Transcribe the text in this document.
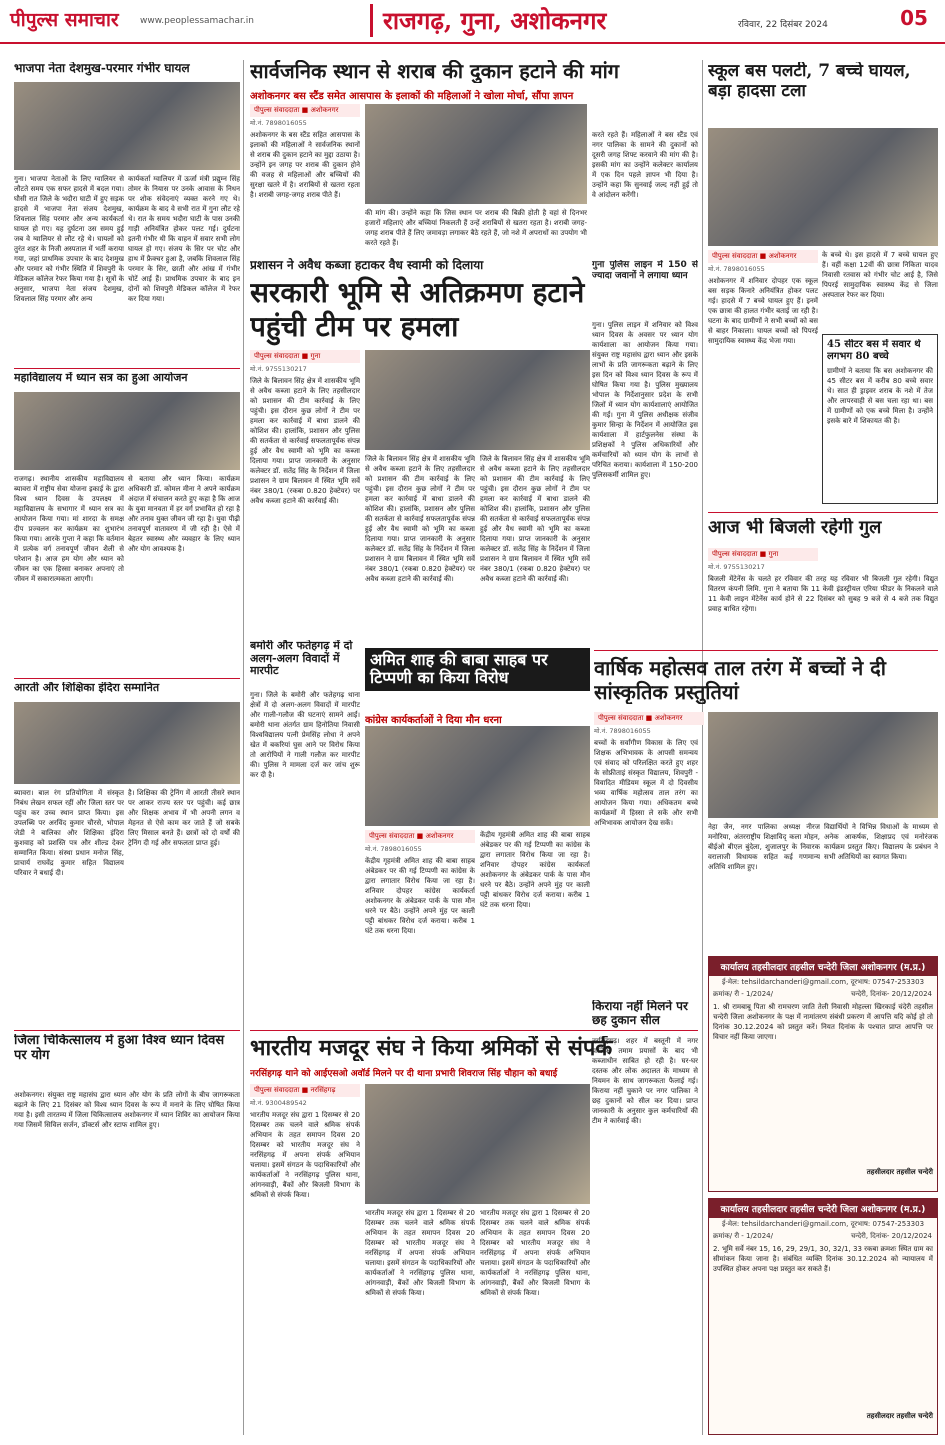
पीपुल्स समाचार www.peoplessamachar.in	राजगढ़, गुना, अशोकनगर	रविवार, 22 दिसंबर 2024	05
भाजपा नेता देशमुख-परमार गंभीर घायल
गुना। भाजपा नेताओं के लिए ग्वालियर से लौटते समय एक सफर हादसे में बदल गया। घौसी रात जिले के भदौरा घाटी में हुए सड़क हादसे में भाजपा नेता संजय देशमुख, शिवलाल सिंह परमार और अन्य कार्यकर्ता घायल हो गए। यह दुर्घटना उस समय हुई जब वे ग्वालियर से लौट रहे थे। घायलों को तुरंत शहर के निजी अस्पताल में भर्ती कराया गया, जहां प्राथमिक उपचार के बाद देशमुख और परमार को गंभीर स्थिति में शिवपुरी के मेडिकल कॉलेज रेफर किया गया है। सूत्रों के अनुसार, भाजपा नेता संजय देशमुख, शिवलाल सिंह परमार और अन्य
कार्यकर्ता ग्वालियर में ऊर्जा मंत्री प्रद्युम्न सिंह तोमर के नियास पर उनके आवास के निधन पर शोक संवेदनाएं व्यक्त करने गए थे। कार्यक्रम के बाद वे सभी रात में गुना लौट रहे थे। रात के समय भदौरा घाटी के पास उनकी गाड़ी अनियंत्रित होकर पलट गई। दुर्घटना इतनी गंभीर थी कि वाहन में सवार सभी लोग घायल हो गए। संजय के सिर पर चोट और हाथ में फ्रैक्चर हुआ है, जबकि शिवलाल सिंह परमार के सिर, छाती और आंख में गंभीर चोटें आई हैं। प्राथमिक उपचार के बाद इन दोनों को शिवपुरी मेडिकल कॉलेज में रेफर कर दिया गया।
महाविद्यालय में ध्यान सत्र का हुआ आयोजन
राजगढ़। स्थानीय शासकीय महाविद्यालय ब्यावरा में राष्ट्रीय सेवा योजना इकाई के द्वारा विश्व ध्यान दिवस के उपलक्ष्य में महाविद्यालय के सभागार में ध्यान सत्र का आयोजन किया गया। मां शारदा के समक्ष दीप प्रज्वलन कर कार्यक्रम का शुभारंभ किया गया। आरके गुप्ता ने कहा कि वर्तमान में प्रत्येक वर्ग तनावपूर्ण जीवन शैली से परेशान है। आज हम योग और ध्यान को जीवन का एक हिस्सा बनाकर अपनाएं तो जीवन में सकारात्मकता आएगी।
से बताया और ध्यान किया। कार्यक्रम अधिकारी डॉ. कोमल मीना ने अपने कार्यक्रम अंदाज में संचालन करते हुए कहा है कि आज के युवा मानवता में हर वर्ग प्रभावित हो रहा है और तनाव युक्त जीवन जी रहा है। युवा पीढ़ी तनावपूर्ण वातावरण में जी रही है। ऐसे में बेहतर स्वास्थ्य और व्यवहार के लिए ध्यान और योग आवश्यक है।
आरती और शिक्षिका इंदिरा सम्मानित
ब्यावरा। बाल रंग प्रतियोगिता में संस्कृत निबंध लेखन सफल रहीं और जिला स्तर पर पहुंच कर उच्च स्थान प्राप्त किया। इस उपलब्धि पर अरविंद कुमार चौरसे, भोपाल जेडी ने बालिका और शिक्षिका इंदिरा कुशवाह को प्रशस्ति पत्र और शील्ड देकर सम्मानित किया। संस्था प्रधान मनोज सिंह, प्राचार्य राघवेंद्र कुमार सहित विद्यालय परिवार ने बधाई दी।
है। शिक्षिका की ट्रेनिंग में आरती तीसरे स्थान पर आकर राज्य स्तर पर पहुंची। कई छात्र और शिक्षक अभाव में भी अपनी लगन व मेहनत से ऐसे काम कर जाते हैं जो सबके लिए मिसाल बनते हैं। छात्रों को दो वर्षों की ट्रेनिंग दी गई और सफलता प्राप्त हुई।
जिला चिकित्सालय में हुआ विश्व ध्यान दिवस पर योग
अशोकनगर। संयुक्त राष्ट्र महासंघ द्वारा ध्यान और योग के प्रति लोगों के बीच जागरूकता बढ़ाने के लिए 21 दिसंबर को विश्व ध्यान दिवस के रूप में मनाने के लिए घोषित किया गया है। इसी तारतम्य में जिला चिकित्सालय अशोकनगर में ध्यान शिविर का आयोजन किया गया जिसमें सिविल सर्जन, डॉक्टर्स और स्टाफ शामिल हुए।
सार्वजनिक स्थान से शराब की दुकान हटाने की मांग
अशोकनगर बस स्टैंड समेत आसपास के इलाकों की महिलाओं ने खोला मोर्चा, सौंपा ज्ञापन
पीपुल्स संवाददाता ■ अशोकनगर
मो.नं. 7898016055
अशोकनगर के बस स्टैंड सहित आसपास के इलाकों की महिलाओं ने सार्वजनिक स्थानों से शराब की दुकान हटाने का मुद्दा उठाया है। उन्होंने इन जगह पर शराब की दुकान होने की वजह से महिलाओं और बच्चियों की सुरक्षा खतरे में है। शराबियों से खतरा रहता है। शराबी जगह-जगह शराब पीते हैं।
की मांग की। उन्होंने कहा कि जिस स्थान पर शराब की बिक्री होती है वहां से दिनभर हजारों महिलाएं और बच्चियां निकलती हैं उन्हें शराबियों से खतरा रहता है। शराबी जगह-जगह शराब पीते हैं लिए जमावड़ा लगाकर बैठे रहते हैं, जो नशे में अपराधों का उपयोग भी करते रहते हैं।
करते रहते हैं। महिलाओं ने बस स्टैंड एवं नगर पालिका के सामने की दुकानों को दूसरी जगह शिफ्ट करवाने की मांग की है। इसकी मांग का उन्होंने कलेक्टर कार्यालय में एक दिन पहले ज्ञापन भी दिया है। उन्होंने कहा कि सुनवाई जल्द नहीं हुई तो वे आंदोलन करेंगी।
प्रशासन ने अवैध कब्जा हटाकर वैध स्वामी को दिलाया
सरकारी भूमि से अतिक्रमण हटाने पहुंची टीम पर हमला
पीपुल्स संवाददाता ■ गुना
मो.नं. 9755130217
जिले के बिलावन सिंह क्षेत्र में शासकीय भूमि से अवैध कब्जा हटाने के लिए तहसीलदार को प्रशासन की टीम कार्रवाई के लिए पहुंची। इस दौरान कुछ लोगों ने टीम पर हमला कर कार्रवाई में बाधा डालने की कोशिश की। हालांकि, प्रशासन और पुलिस की सतर्कता से कार्रवाई सफलतापूर्वक संपन्न हुई और वैध स्वामी को भूमि का कब्जा दिलाया गया। प्राप्त जानकारी के अनुसार कलेक्टर डॉ. सतेंद्र सिंह के निर्देशन में जिला प्रशासन ने ग्राम बिलावन में स्थित भूमि सर्वे नंबर 380/1 (रकबा 0.820 हेक्टेयर) पर अवैध कब्जा हटाने की कार्रवाई की।
जिले के बिलावन सिंह क्षेत्र में शासकीय भूमि से अवैध कब्जा हटाने के लिए तहसीलदार को प्रशासन की टीम कार्रवाई के लिए पहुंची। इस दौरान कुछ लोगों ने टीम पर हमला कर कार्रवाई में बाधा डालने की कोशिश की। हालांकि, प्रशासन और पुलिस की सतर्कता से कार्रवाई सफलतापूर्वक संपन्न हुई और वैध स्वामी को भूमि का कब्जा दिलाया गया। प्राप्त जानकारी के अनुसार कलेक्टर डॉ. सतेंद्र सिंह के निर्देशन में जिला प्रशासन ने ग्राम बिलावन में स्थित भूमि सर्वे नंबर 380/1 (रकबा 0.820 हेक्टेयर) पर अवैध कब्जा हटाने की कार्रवाई की।
जिले के बिलावन सिंह क्षेत्र में शासकीय भूमि से अवैध कब्जा हटाने के लिए तहसीलदार को प्रशासन की टीम कार्रवाई के लिए पहुंची। इस दौरान कुछ लोगों ने टीम पर हमला कर कार्रवाई में बाधा डालने की कोशिश की। हालांकि, प्रशासन और पुलिस की सतर्कता से कार्रवाई सफलतापूर्वक संपन्न हुई और वैध स्वामी को भूमि का कब्जा दिलाया गया। प्राप्त जानकारी के अनुसार कलेक्टर डॉ. सतेंद्र सिंह के निर्देशन में जिला प्रशासन ने ग्राम बिलावन में स्थित भूमि सर्वे नंबर 380/1 (रकबा 0.820 हेक्टेयर) पर अवैध कब्जा हटाने की कार्रवाई की।
बमोरी और फतेहगढ़ में दो अलग-अलग विवादों में मारपीट
गुना। जिले के बमोरी और फतेहगढ़ थाना क्षेत्रों में दो अलग-अलग विवादों में मारपीट और गाली-गलौज की घटनाएं सामने आईं। बमोरी थाना अंतर्गत ग्राम हिनोतिया निवासी विश्वविद्यालय पत्नी प्रेमसिंह लोधा ने अपने खेत में बकरियां घुस आने पर विरोध किया तो आरोपियों ने गाली गलौज कर मारपीट की। पुलिस ने मामला दर्ज कर जांच शुरू कर दी है।
अमित शाह की बाबा साहब पर टिप्पणी का किया विरोध
कांग्रेस कार्यकर्ताओं ने दिया मौन धरना
पीपुल्स संवाददाता ■ अशोकनगर
मो.नं. 7898016055
केंद्रीय गृहमंत्री अमित शाह की बाबा साहब अंबेडकर पर की गई टिप्पणी का कांग्रेस के द्वारा लगातार विरोध किया जा रहा है। शनिवार दोपहर कांग्रेस कार्यकर्ता अशोकनगर के अंबेडकर पार्क के पास मौन धरने पर बैठे। उन्होंने अपने मुंह पर काली पट्टी बांधकर विरोध दर्ज कराया। करीब 1 घंटे तक धरना दिया।
केंद्रीय गृहमंत्री अमित शाह की बाबा साहब अंबेडकर पर की गई टिप्पणी का कांग्रेस के द्वारा लगातार विरोध किया जा रहा है। शनिवार दोपहर कांग्रेस कार्यकर्ता अशोकनगर के अंबेडकर पार्क के पास मौन धरने पर बैठे। उन्होंने अपने मुंह पर काली पट्टी बांधकर विरोध दर्ज कराया। करीब 1 घंटे तक धरना दिया।
गुना पुलिस लाइन में 150 से ज्यादा जवानों ने लगाया ध्यान
गुना। पुलिस लाइन में शनिवार को विश्व ध्यान दिवस के अवसर पर ध्यान योग कार्यशाला का आयोजन किया गया। संयुक्त राष्ट्र महासंघ द्वारा ध्यान और इसके लाभों के प्रति जागरूकता बढ़ाने के लिए इस दिन को विश्व ध्यान दिवस के रूप में घोषित किया गया है। पुलिस मुख्यालय भोपाल के निर्देशानुसार प्रदेश के सभी जिलों में ध्यान योग कार्यशालाएं आयोजित की गईं। गुना में पुलिस अधीक्षक संजीव कुमार सिन्हा के निर्देशन में आयोजित इस कार्यशाला में हार्टफुलनेस संस्था के प्रशिक्षकों ने पुलिस अधिकारियों और कर्मचारियों को ध्यान योग के लाभों से परिचित कराया। कार्यशाला में 150-200 पुलिसकर्मी शामिल हुए।
भारतीय मजदूर संघ ने किया श्रमिकों से संपर्क
नरसिंहगढ़ थाने को आईएसओ अवॉर्ड मिलने पर दी थाना प्रभारी शिवराज सिंह चौहान को बधाई
पीपुल्स संवाददाता ■ नरसिंहगढ़
मो.नं. 9300489542
भारतीय मजदूर संघ द्वारा 1 दिसम्बर से 20 दिसम्बर तक चलने वाले श्रमिक संपर्क अभियान के तहत समापन दिवस 20 दिसम्बर को भारतीय मजदूर संघ ने नरसिंहगढ़ में अपना संपर्क अभियान चलाया। इसमें संगठन के पदाधिकारियों और कार्यकर्ताओं ने नरसिंहगढ़ पुलिस थाना, आंगनवाड़ी, बैंकों और बिजली विभाग के श्रमिकों से संपर्क किया।
भारतीय मजदूर संघ द्वारा 1 दिसम्बर से 20 दिसम्बर तक चलने वाले श्रमिक संपर्क अभियान के तहत समापन दिवस 20 दिसम्बर को भारतीय मजदूर संघ ने नरसिंहगढ़ में अपना संपर्क अभियान चलाया। इसमें संगठन के पदाधिकारियों और कार्यकर्ताओं ने नरसिंहगढ़ पुलिस थाना, आंगनवाड़ी, बैंकों और बिजली विभाग के श्रमिकों से संपर्क किया।
भारतीय मजदूर संघ द्वारा 1 दिसम्बर से 20 दिसम्बर तक चलने वाले श्रमिक संपर्क अभियान के तहत समापन दिवस 20 दिसम्बर को भारतीय मजदूर संघ ने नरसिंहगढ़ में अपना संपर्क अभियान चलाया। इसमें संगठन के पदाधिकारियों और कार्यकर्ताओं ने नरसिंहगढ़ पुलिस थाना, आंगनवाड़ी, बैंकों और बिजली विभाग के श्रमिकों से संपर्क किया।
किराया नहीं मिलने पर छह दुकान सील
नरसिंहगढ़। शहर में बस्तूनी में नगर पालिका तमाम प्रयासों के बाद भी कब्जाधीन साबित हो रही है। घर-घर दस्तक और लोक अदालत के माध्यम से नियमन के साथ जागरूकता फैलाई गई। किराया नहीं चुकाने पर नगर पालिका ने छह दुकानों को सील कर दिया। प्राप्त जानकारी के अनुसार कुल कर्मचारियों की टीम ने कार्रवाई की।
स्कूल बस पलटी, 7 बच्चे घायल, बड़ा हादसा टला
पीपुल्स संवाददाता ■ अशोकनगर
मो.नं. 7898016055
अशोकनगर में शनिवार दोपहर एक स्कूल बस सड़क किनारे अनियंत्रित होकर पलट गई। हादसे में 7 बच्चे घायल हुए हैं। इनमें एक छात्रा की हालत गंभीर बताई जा रही है। घटना के बाद ग्रामीणों ने सभी बच्चों को बस से बाहर निकाला। घायल बच्चों को पिपरई सामुदायिक स्वास्थ्य केंद्र भेजा गया।
के बच्चे थे। इस हादसे में 7 बच्चे घायल हुए हैं। वहीं कक्षा 12वीं की छात्रा निकिता यादव निवासी रतवास को गंभीर चोट आई है, जिसे पिपरई सामुदायिक स्वास्थ्य केंद्र से जिला अस्पताल रेफर कर दिया।
45 सीटर बस में सवार थे लगभग 80 बच्चे
ग्रामीणों ने बताया कि बस अशोकनगर की 45 सीटर बस में करीब 80 बच्चे सवार थे। सात ही ड्राइवर शराब के नशे में तेज और लापरवाही से बस चला रहा था। बस में ग्रामीणों को एक बच्चे मिला है। उन्होंने इसके बारे में शिकायत की है।
आज भी बिजली रहेगी गुल
पीपुल्स संवाददाता ■ गुना
मो.नं. 9755130217
बिजली मेंटेनेंस के चलते हर रविवार की तरह यह रविवार भी बिजली गुल रहेगी। विद्युत वितरण कंपनी लिमि. गुना ने बताया कि 11 केवी इंडस्ट्रीयल एरिया फीडर के निकलने वाले 11 केवी लाइन मेंटेनेंस कार्य होने से 22 दिसंबर को सुबह 9 बजे से 4 बजे तक विद्युत प्रवाह बाधित रहेगा।
वार्षिक महोत्सव ताल तरंग में बच्चों ने दी सांस्कृतिक प्रस्तुतियां
पीपुल्स संवाददाता ■ अशोकनगर
मो.नं. 7898016055
बच्चों के सर्वांगीण विकास के लिए एवं शिक्षक अभिभावक के आपसी समन्वय एवं संवाद को परिलक्षित करते हुए शहर के सोफ्रीताइं संस्कृत विद्यालय, शिवपुरी - विवादित मीडियम स्कूल में दो दिवसीय भव्य वार्षिक महोत्सव ताल तरंग का आयोजन किया गया। अधिकतम बच्चे कार्यक्रमों में हिस्सा ले सकें और सभी अभिभावक आयोजन देख सकें।	नेहा जैन, नगर पालिका अध्यक्ष नीरज मनोरिया, अंतरराष्ट्रीय शिक्षाविद् कला मोहन, बीईओ बीएल बुंदेला, शुजालपुर के निवारक वरालाजी विधायक सहित कई गणमान्य अतिथि शामिल हुए।
विद्यार्थियों ने विभिन्न विधाओं के माध्यम से अनेक आकर्षक, शिक्षाप्रद एवं मनोरंजक कार्यक्रम प्रस्तुत किए। विद्यालय के प्रबंधन ने सभी अतिथियों का स्वागत किया।
कार्यालय तहसीलदार तहसील चन्देरी जिला अशोकनगर (म.प्र.)
ई-मेल: tehsildarchanderi@gmail.com, दूरभाष: 07547-253303
क्रमांक/ री - 1/2024/                                   चन्देरी, दिनांक- 20/12/2024
1. श्री रामबाबू पिता श्री रामचरण जाति तेली निवासी मोहल्ला खिरकाई चंदेरी तहसील चन्देरी जिला अशोकनगर के पक्ष में नामांतरण संबंधी प्रकरण में आपत्ति यदि कोई हो तो दिनांक 30.12.2024 को प्रस्तुत करें। नियत दिनांक के पश्चात प्राप्त आपत्ति पर विचार नहीं किया जाएगा।
तहसीलदार तहसील चन्देरी
कार्यालय तहसीलदार तहसील चन्देरी जिला अशोकनगर (म.प्र.)
ई-मेल: tehsildarchanderi@gmail.com, दूरभाष: 07547-253303
क्रमांक/ री - 1/2024/                                   चन्देरी, दिनांक- 20/12/2024
2. भूमि सर्वे नंबर 15, 16, 29, 29/1, 30, 32/1, 33 रकबा क्रमशः स्थित ग्राम का सीमांकन किया जाना है। संबंधित व्यक्ति दिनांक 30.12.2024 को न्यायालय में उपस्थित होकर अपना पक्ष प्रस्तुत कर सकते हैं।
तहसीलदार तहसील चन्देरी
